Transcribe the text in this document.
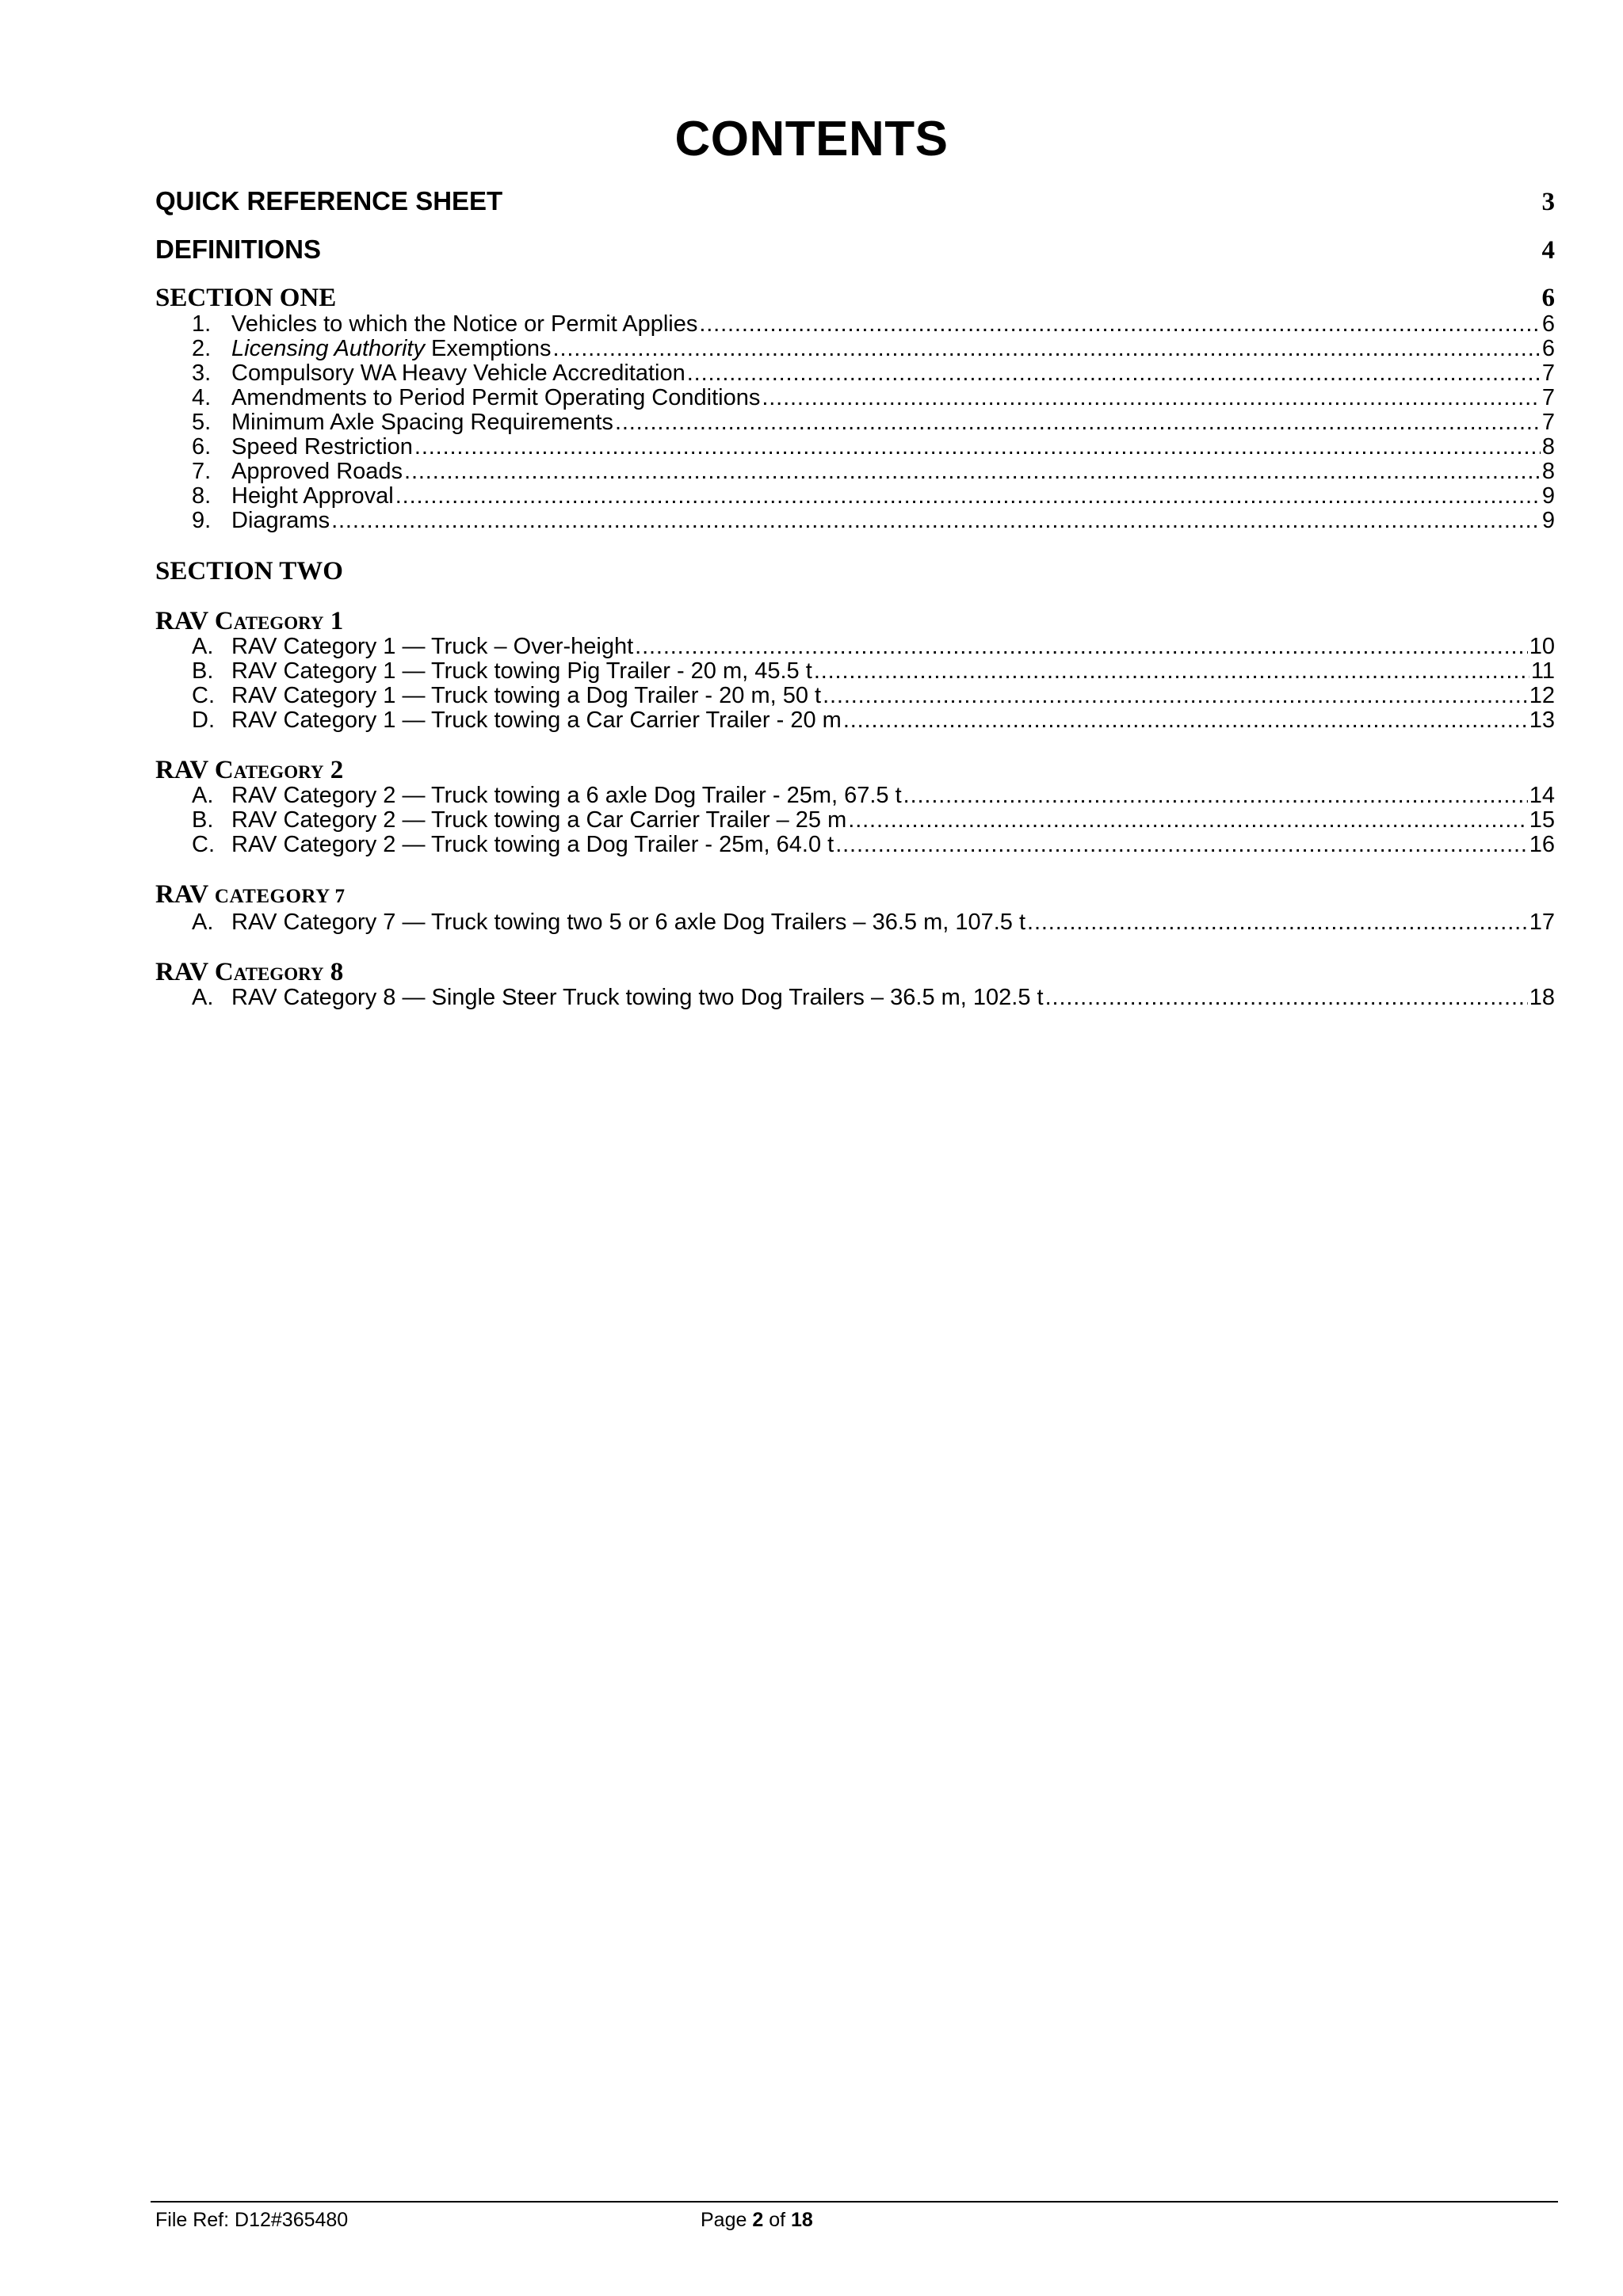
CONTENTS
QUICK REFERENCE SHEET	3
DEFINITIONS	4
SECTION ONE	6
1. Vehicles to which the Notice or Permit Applies . . .	6
2. Licensing Authority Exemptions . . .	6
3. Compulsory WA Heavy Vehicle Accreditation . . .	7
4. Amendments to Period Permit Operating Conditions . . .	7
5. Minimum Axle Spacing Requirements . . .	7
6. Speed Restriction . . .	8
7. Approved Roads . . .	8
8. Height Approval . . .	9
9. Diagrams . . .	9
SECTION TWO
RAV Category 1
A. RAV Category 1 — Truck – Over-height . . .	10
B. RAV Category 1 — Truck towing Pig Trailer - 20 m, 45.5 t . . .	11
C. RAV Category 1 — Truck towing a Dog Trailer - 20 m, 50 t . . .	12
D. RAV Category 1 — Truck towing a Car Carrier Trailer - 20 m . . .	13
RAV Category 2
A. RAV Category 2 — Truck towing a 6 axle Dog Trailer - 25m, 67.5 t . . .	14
B. RAV Category 2 — Truck towing a Car Carrier Trailer – 25 m . . .	15
C. RAV Category 2 — Truck towing a Dog Trailer - 25m, 64.0 t . . .	16
RAV CATEGORY 7
A. RAV Category 7 — Truck towing two 5 or 6 axle Dog Trailers – 36.5 m, 107.5 t . . .	17
RAV Category 8
A. RAV Category 8 — Single Steer Truck towing two Dog Trailers – 36.5 m, 102.5 t . . .	18
File Ref: D12#365480	Page 2 of 18
